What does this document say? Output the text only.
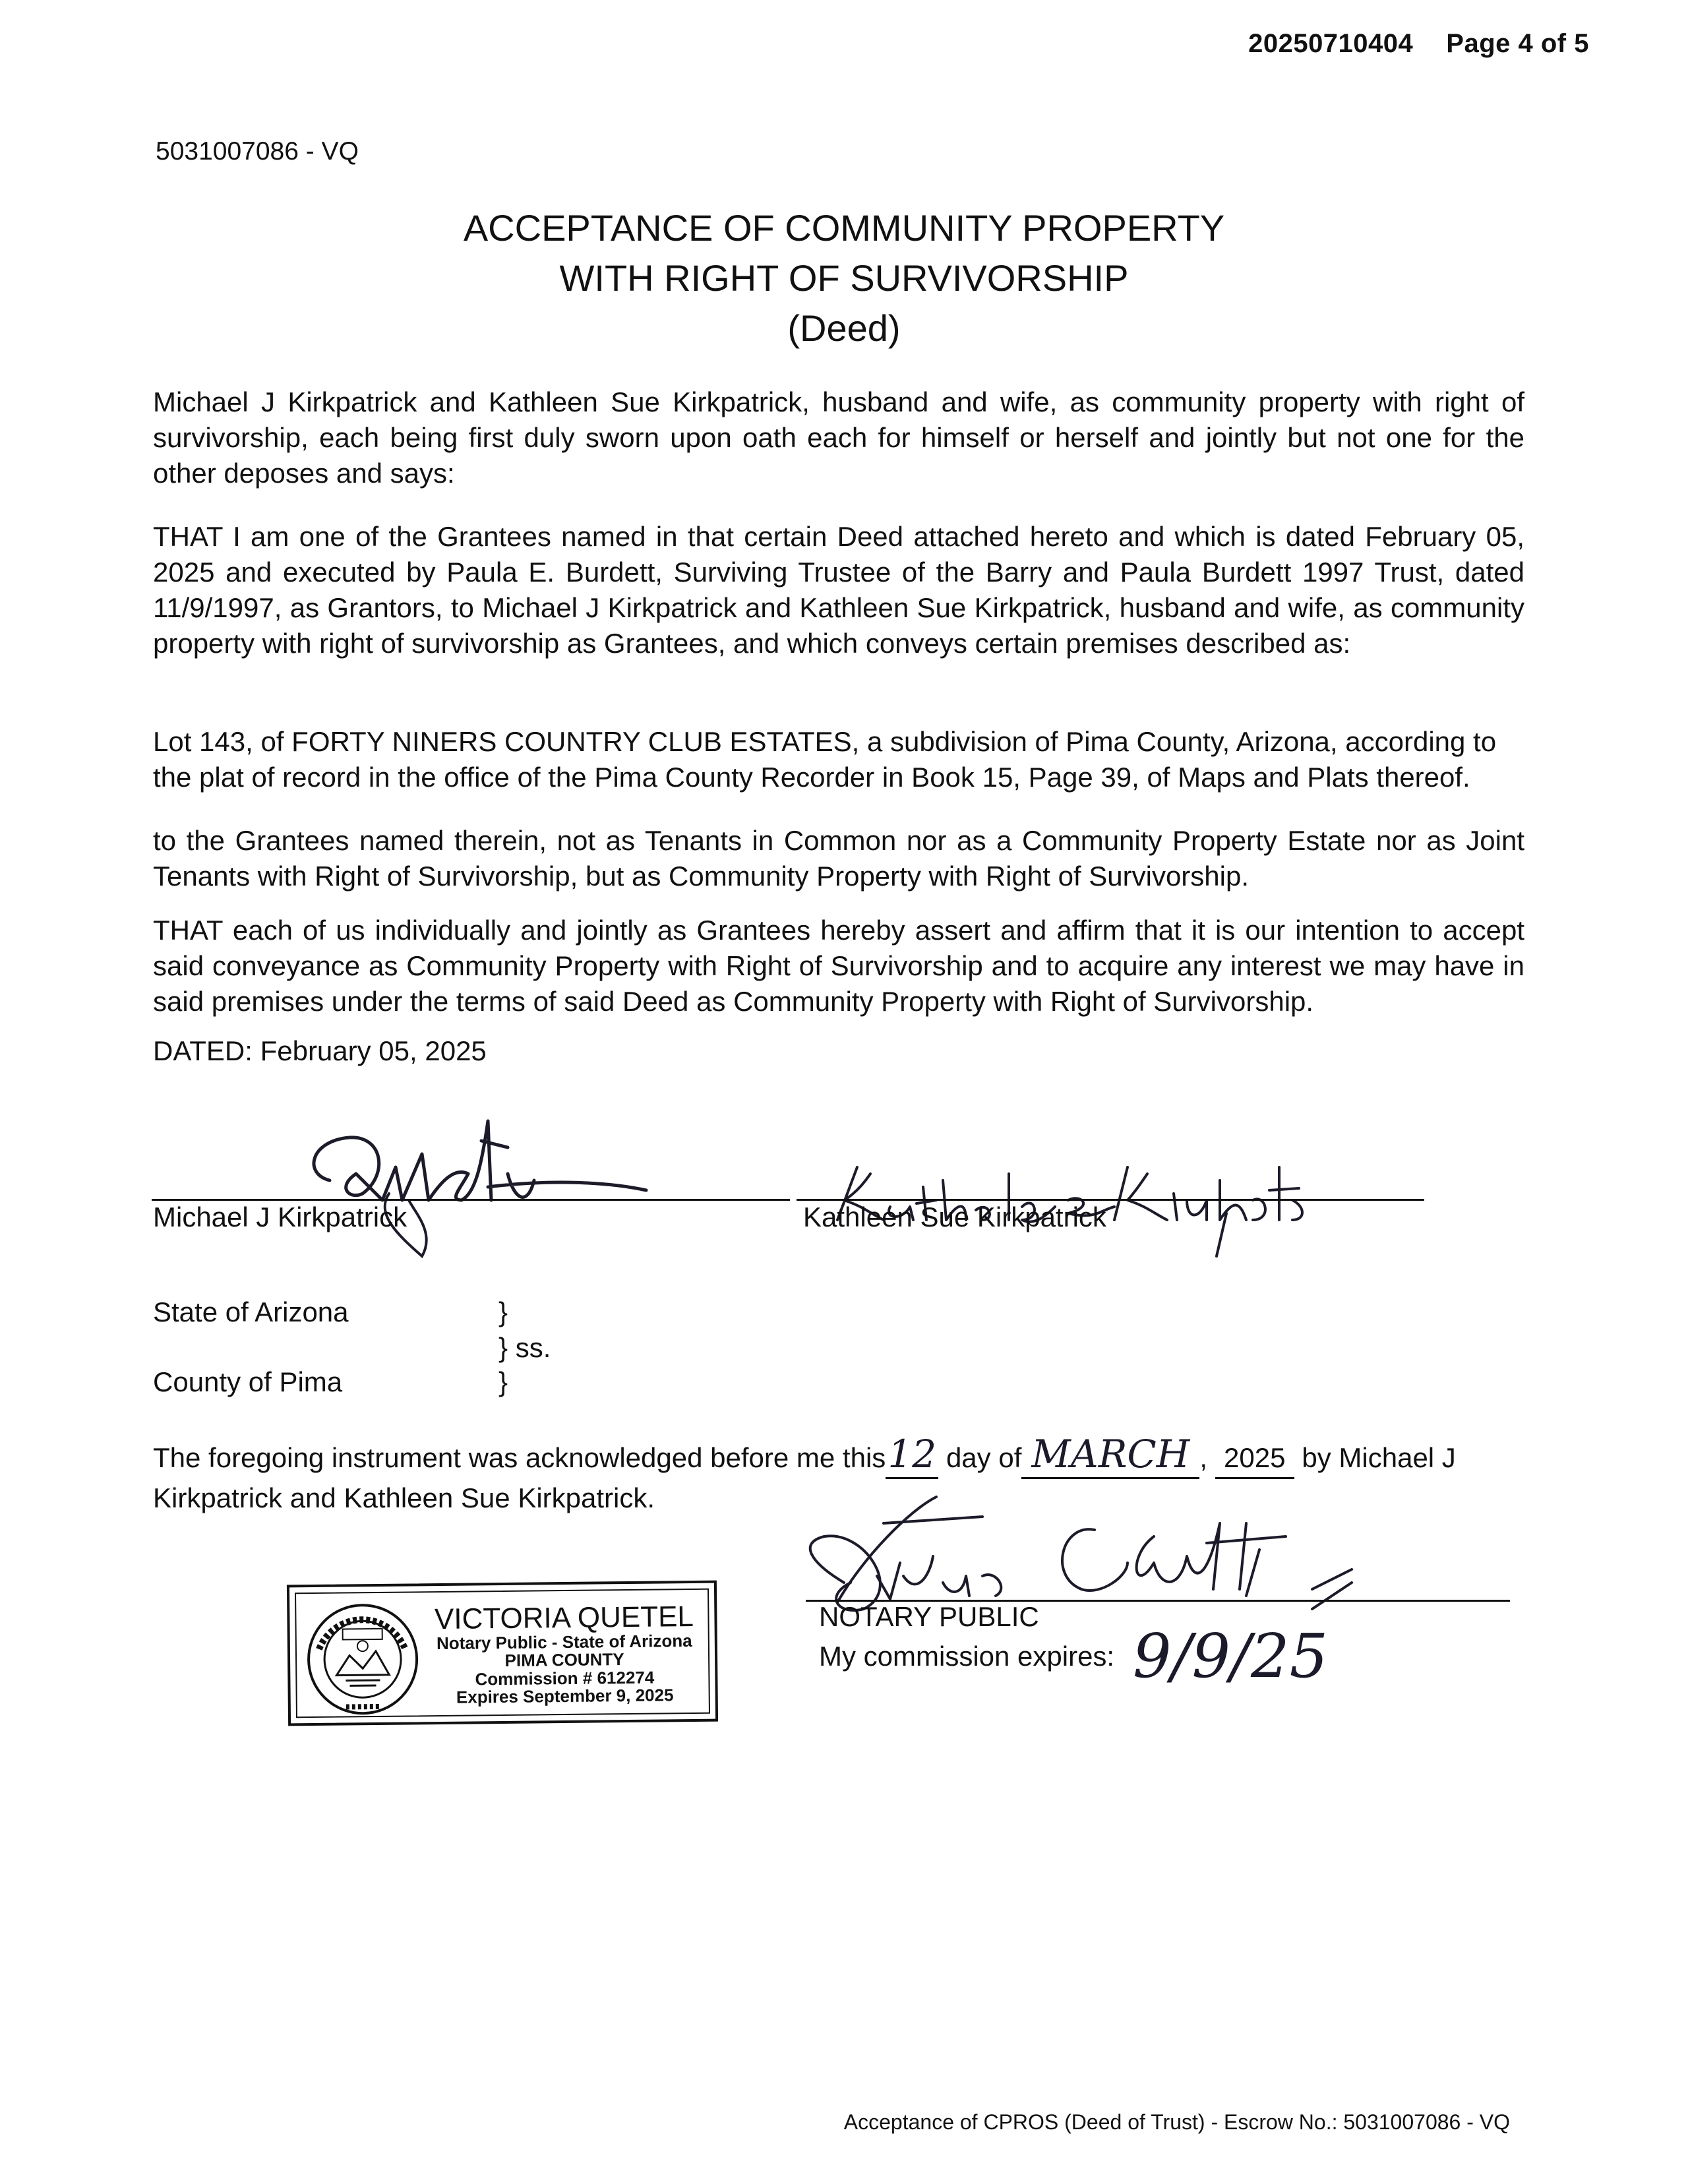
20250710404 Page 4 of 5
5031007086 - VQ
ACCEPTANCE OF COMMUNITY PROPERTY
WITH RIGHT OF SURVIVORSHIP
(Deed)

Michael J Kirkpatrick and Kathleen Sue Kirkpatrick, husband and wife, as community property with right of survivorship, each being first duly sworn upon oath each for himself or herself and jointly but not one for the other deposes and says:

THAT I am one of the Grantees named in that certain Deed attached hereto and which is dated February 05, 2025 and executed by Paula E. Burdett, Surviving Trustee of the Barry and Paula Burdett 1997 Trust, dated 11/9/1997, as Grantors, to Michael J Kirkpatrick and Kathleen Sue Kirkpatrick, husband and wife, as community property with right of survivorship as Grantees, and which conveys certain premises described as:

Lot 143, of FORTY NINERS COUNTRY CLUB ESTATES, a subdivision of Pima County, Arizona, according to the plat of record in the office of the Pima County Recorder in Book 15, Page 39, of Maps and Plats thereof.

to the Grantees named therein, not as Tenants in Common nor as a Community Property Estate nor as Joint Tenants with Right of Survivorship, but as Community Property with Right of Survivorship.

THAT each of us individually and jointly as Grantees hereby assert and affirm that it is our intention to accept said conveyance as Community Property with Right of Survivorship and to acquire any interest we may have in said premises under the terms of said Deed as Community Property with Right of Survivorship.

DATED: February 05, 2025
Michael J Kirkpatrick	Kathleen Sue Kirkpatrick
State of Arizona	}
} ss.
County of Pima	}
The foregoing instrument was acknowledged before me this12 day of MARCH , 2025 by Michael J Kirkpatrick and Kathleen Sue Kirkpatrick.
NOTARY PUBLIC
My commission expires: 9/9/25
VICTORIA QUETEL
Notary Public - State of Arizona
PIMA COUNTY
Commission # 612274
Expires September 9, 2025
Acceptance of CPROS (Deed of Trust) - Escrow No.: 5031007086 - VQ
